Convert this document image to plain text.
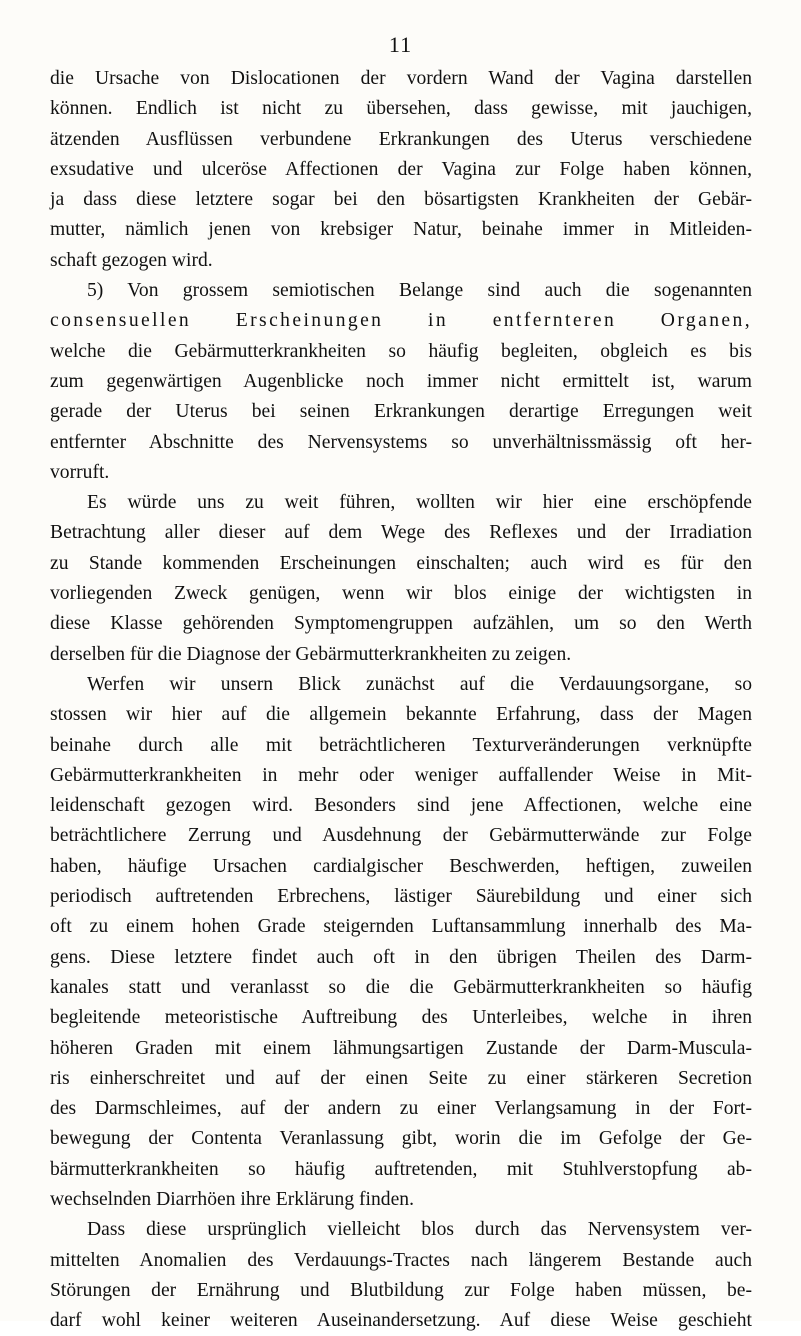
11
die Ursache von Dislocationen der vordern Wand der Vagina darstellen
können. Endlich ist nicht zu übersehen, dass gewisse, mit jauchigen,
ätzenden Ausflüssen verbundene Erkrankungen des Uterus verschiedene
exsudative und ulceröse Affectionen der Vagina zur Folge haben können,
ja dass diese letztere sogar bei den bösartigsten Krankheiten der Gebär-
mutter, nämlich jenen von krebsiger Natur, beinahe immer in Mitleiden-
schaft gezogen wird.
5) Von grossem semiotischen Belange sind auch die sogenannten
consensuellen Erscheinungen in entfernteren Organen,
welche die Gebärmutterkrankheiten so häufig begleiten, obgleich es bis
zum gegenwärtigen Augenblicke noch immer nicht ermittelt ist, warum
gerade der Uterus bei seinen Erkrankungen derartige Erregungen weit
entfernter Abschnitte des Nervensystems so unverhältnissmässig oft her-
vorruft.
Es würde uns zu weit führen, wollten wir hier eine erschöpfende
Betrachtung aller dieser auf dem Wege des Reflexes und der Irradiation
zu Stande kommenden Erscheinungen einschalten; auch wird es für den
vorliegenden Zweck genügen, wenn wir blos einige der wichtigsten in
diese Klasse gehörenden Symptomengruppen aufzählen, um so den Werth
derselben für die Diagnose der Gebärmutterkrankheiten zu zeigen.
Werfen wir unsern Blick zunächst auf die Verdauungsorgane, so
stossen wir hier auf die allgemein bekannte Erfahrung, dass der Magen
beinahe durch alle mit beträchtlicheren Texturveränderungen verknüpfte
Gebärmutterkrankheiten in mehr oder weniger auffallender Weise in Mit-
leidenschaft gezogen wird. Besonders sind jene Affectionen, welche eine
beträchtlichere Zerrung und Ausdehnung der Gebärmutterwände zur Folge
haben, häufige Ursachen cardialgischer Beschwerden, heftigen, zuweilen
periodisch auftretenden Erbrechens, lästiger Säurebildung und einer sich
oft zu einem hohen Grade steigernden Luftansammlung innerhalb des Ma-
gens. Diese letztere findet auch oft in den übrigen Theilen des Darm-
kanales statt und veranlasst so die die Gebärmutterkrankheiten so häufig
begleitende meteoristische Auftreibung des Unterleibes, welche in ihren
höheren Graden mit einem lähmungsartigen Zustande der Darm-Muscula-
ris einherschreitet und auf der einen Seite zu einer stärkeren Secretion
des Darmschleimes, auf der andern zu einer Verlangsamung in der Fort-
bewegung der Contenta Veranlassung gibt, worin die im Gefolge der Ge-
bärmutterkrankheiten so häufig auftretenden, mit Stuhlverstopfung ab-
wechselnden Diarrhöen ihre Erklärung finden.
Dass diese ursprünglich vielleicht blos durch das Nervensystem ver-
mittelten Anomalien des Verdauungs-Tractes nach längerem Bestande auch
Störungen der Ernährung und Blutbildung zur Folge haben müssen, be-
darf wohl keiner weiteren Auseinandersetzung. Auf diese Weise geschieht
